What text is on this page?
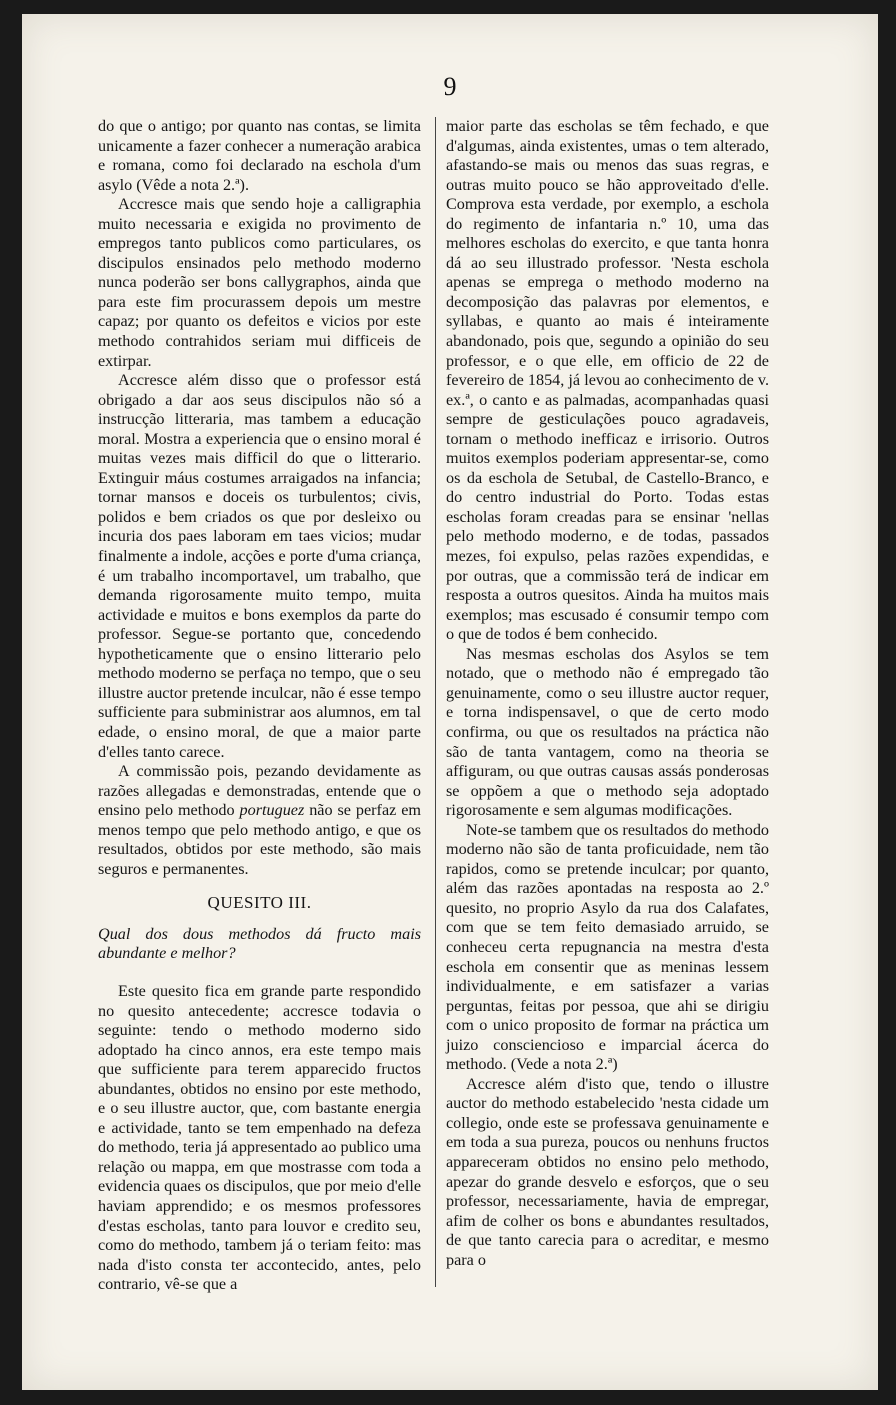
9

do que o antigo; por quanto nas contas, se limita unicamente a fazer conhecer a numeração arabica e romana, como foi declarado na eschola d'um asylo (Vêde a nota 2.ª).

Accresce mais que sendo hoje a calligraphia muito necessaria e exigida no provimento de empregos tanto publicos como particulares, os discipulos ensinados pelo methodo moderno nunca poderão ser bons callygraphos, ainda que para este fim procurassem depois um mestre capaz; por quanto os defeitos e vicios por este methodo contrahidos seriam mui difficeis de extirpar.

Accresce além disso que o professor está obrigado a dar aos seus discipulos não só a instrucção litteraria, mas tambem a educação moral. Mostra a experiencia que o ensino moral é muitas vezes mais difficil do que o litterario. Extinguir máus costumes arraigados na infancia; tornar mansos e doceis os turbulentos; civis, polidos e bem criados os que por desleixo ou incuria dos paes laboram em taes vicios; mudar finalmente a indole, acções e porte d'uma criança, é um trabalho incomportavel, um trabalho, que demanda rigorosamente muito tempo, muita actividade e muitos e bons exemplos da parte do professor. Segue-se portanto que, concedendo hypotheticamente que o ensino litterario pelo methodo moderno se perfaça no tempo, que o seu illustre auctor pretende inculcar, não é esse tempo sufficiente para subministrar aos alumnos, em tal edade, o ensino moral, de que a maior parte d'elles tanto carece.

A commissão pois, pezando devidamente as razões allegadas e demonstradas, entende que o ensino pelo methodo portuguez não se perfaz em menos tempo que pelo methodo antigo, e que os resultados, obtidos por este methodo, são mais seguros e permanentes.

QUESITO III.

Qual dos dous methodos dá fructo mais abundante e melhor?

Este quesito fica em grande parte respondido no quesito antecedente; accresce todavia o seguinte: tendo o methodo moderno sido adoptado ha cinco annos, era este tempo mais que sufficiente para terem apparecido fructos abundantes, obtidos no ensino por este methodo, e o seu illustre auctor, que, com bastante energia e actividade, tanto se tem empenhado na defeza do methodo, teria já appresentado ao publico uma relação ou mappa, em que mostrasse com toda a evidencia quaes os discipulos, que por meio d'elle haviam apprendido; e os mesmos professores d'estas escholas, tanto para louvor e credito seu, como do methodo, tambem já o teriam feito: mas nada d'isto consta ter accontecido, antes, pelo contrario, vê-se que a

maior parte das escholas se têm fechado, e que d'algumas, ainda existentes, umas o tem alterado, afastando-se mais ou menos das suas regras, e outras muito pouco se hão approveitado d'elle. Comprova esta verdade, por exemplo, a eschola do regimento de infantaria n.º 10, uma das melhores escholas do exercito, e que tanta honra dá ao seu illustrado professor. 'Nesta eschola apenas se emprega o methodo moderno na decomposição das palavras por elementos, e syllabas, e quanto ao mais é inteiramente abandonado, pois que, segundo a opinião do seu professor, e o que elle, em officio de 22 de fevereiro de 1854, já levou ao conhecimento de v. ex.ª, o canto e as palmadas, acompanhadas quasi sempre de gesticulações pouco agradaveis, tornam o methodo inefficaz e irrisorio. Outros muitos exemplos poderiam appresentar-se, como os da eschola de Setubal, de Castello-Branco, e do centro industrial do Porto. Todas estas escholas foram creadas para se ensinar 'nellas pelo methodo moderno, e de todas, passados mezes, foi expulso, pelas razões expendidas, e por outras, que a commissão terá de indicar em resposta a outros quesitos. Ainda ha muitos mais exemplos; mas escusado é consumir tempo com o que de todos é bem conhecido.

Nas mesmas escholas dos Asylos se tem notado, que o methodo não é empregado tão genuinamente, como o seu illustre auctor requer, e torna indispensavel, o que de certo modo confirma, ou que os resultados na práctica não são de tanta vantagem, como na theoria se affiguram, ou que outras causas assás ponderosas se oppõem a que o methodo seja adoptado rigorosamente e sem algumas modificações.

Note-se tambem que os resultados do methodo moderno não são de tanta proficuidade, nem tão rapidos, como se pretende inculcar; por quanto, além das razões apontadas na resposta ao 2.º quesito, no proprio Asylo da rua dos Calafates, com que se tem feito demasiado arruido, se conheceu certa repugnancia na mestra d'esta eschola em consentir que as meninas lessem individualmente, e em satisfazer a varias perguntas, feitas por pessoa, que ahi se dirigiu com o unico proposito de formar na práctica um juizo consciencioso e imparcial ácerca do methodo. (Vede a nota 2.ª)

Accresce além d'isto que, tendo o illustre auctor do methodo estabelecido 'nesta cidade um collegio, onde este se professava genuinamente e em toda a sua pureza, poucos ou nenhuns fructos appareceram obtidos no ensino pelo methodo, apezar do grande desvelo e esforços, que o seu professor, necessariamente, havia de empregar, afim de colher os bons e abundantes resultados, de que tanto carecia para o acreditar, e mesmo para o
